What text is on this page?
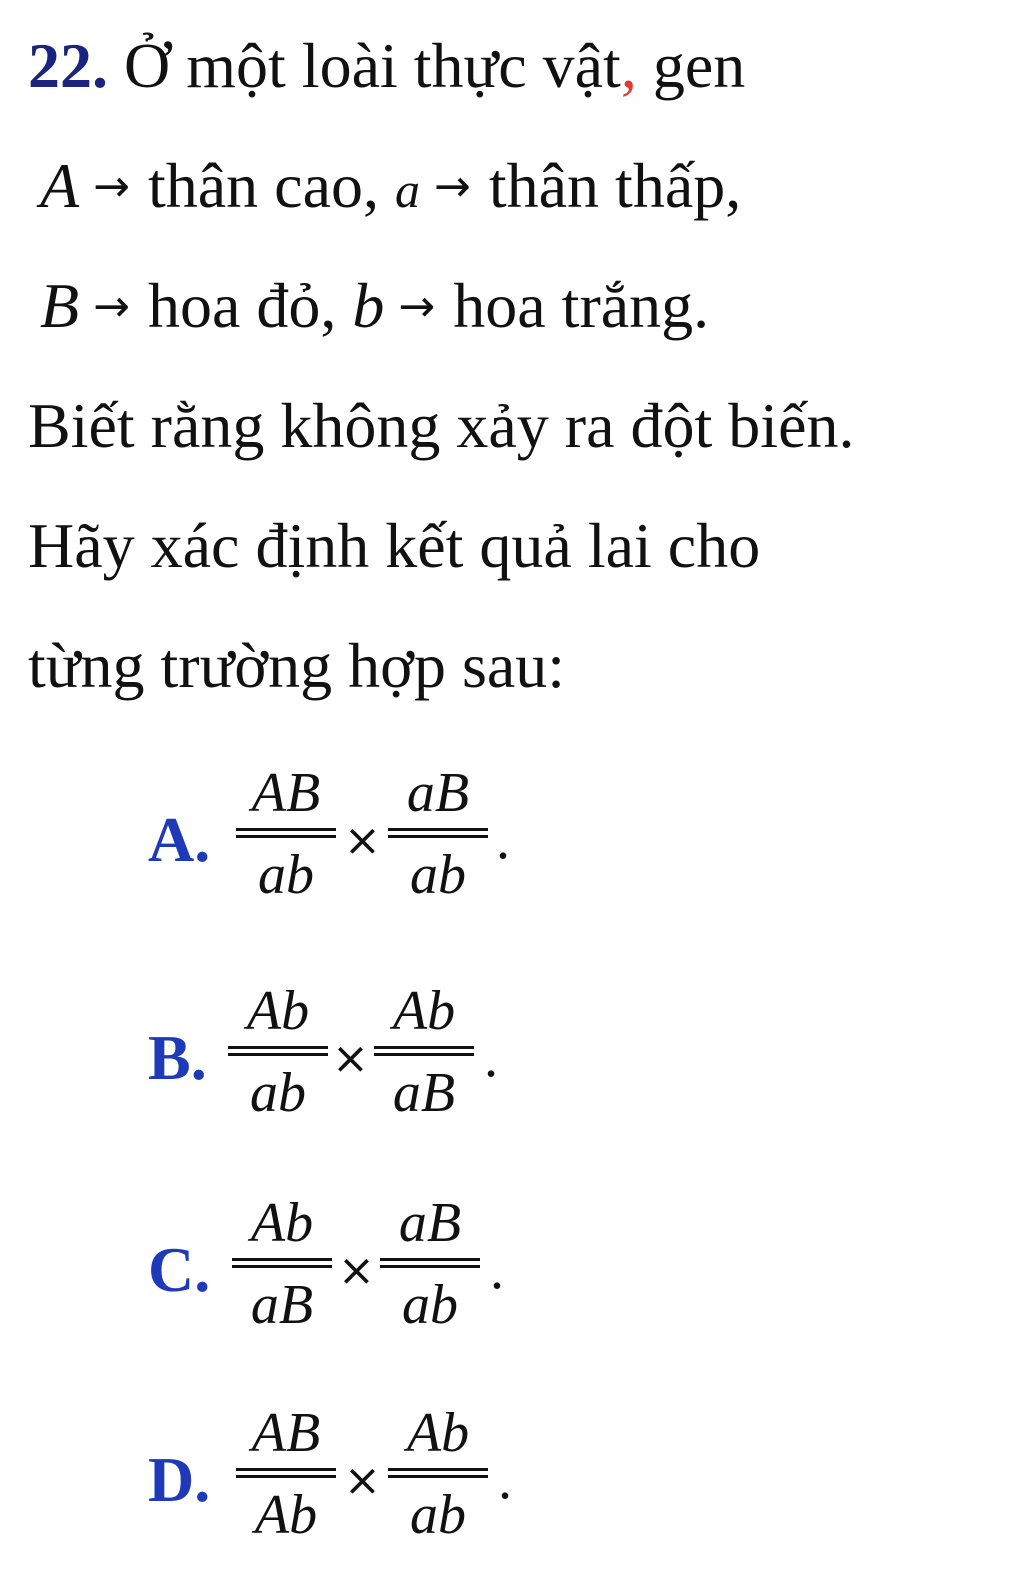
22. Ở một loài thực vật, gen
A → thân cao, a → thân thấp,
B → hoa đỏ, b → hoa trắng.
Biết rằng không xảy ra đột biến.
Hãy xác định kết quả lai cho
từng trường hợp sau:
A.
AB
ab
×
aB
ab
.
B.
Ab
ab
×
Ab
aB
.
C.
Ab
aB
×
aB
ab
.
D.
AB
Ab
×
Ab
ab
.
